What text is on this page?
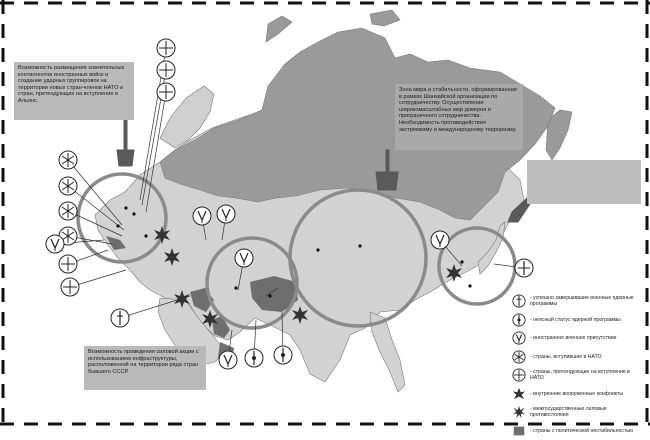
Возможность размещения значительных контингентов иностранных войск и создание ударных группировок на территории новых стран-членов НАТО и стран, претендующих на вступление в Альянс.

Зона мира и стабильности, оформированная в рамках Шанхайской организации по сотрудничеству. Осуществление широкомасштабных мер доверия и приграничного сотрудничества. Необходимость противодействия экстремизму и международному терроризму.

Возможность проведения силовой акции с использованием инфраструктуры, расположенной на территории ряда стран бывшего СССР.

- успешно завершившие военные ядерные программы
- неясный статус ядерной программы
- иностранное военное присутствие
- страны, вступившие в НАТО
- страны, претендующие на вступление в НАТО
- внутренние вооруженные конфликты
- межгосударственные силовые противостояния
- страны с политической нестабильностью
